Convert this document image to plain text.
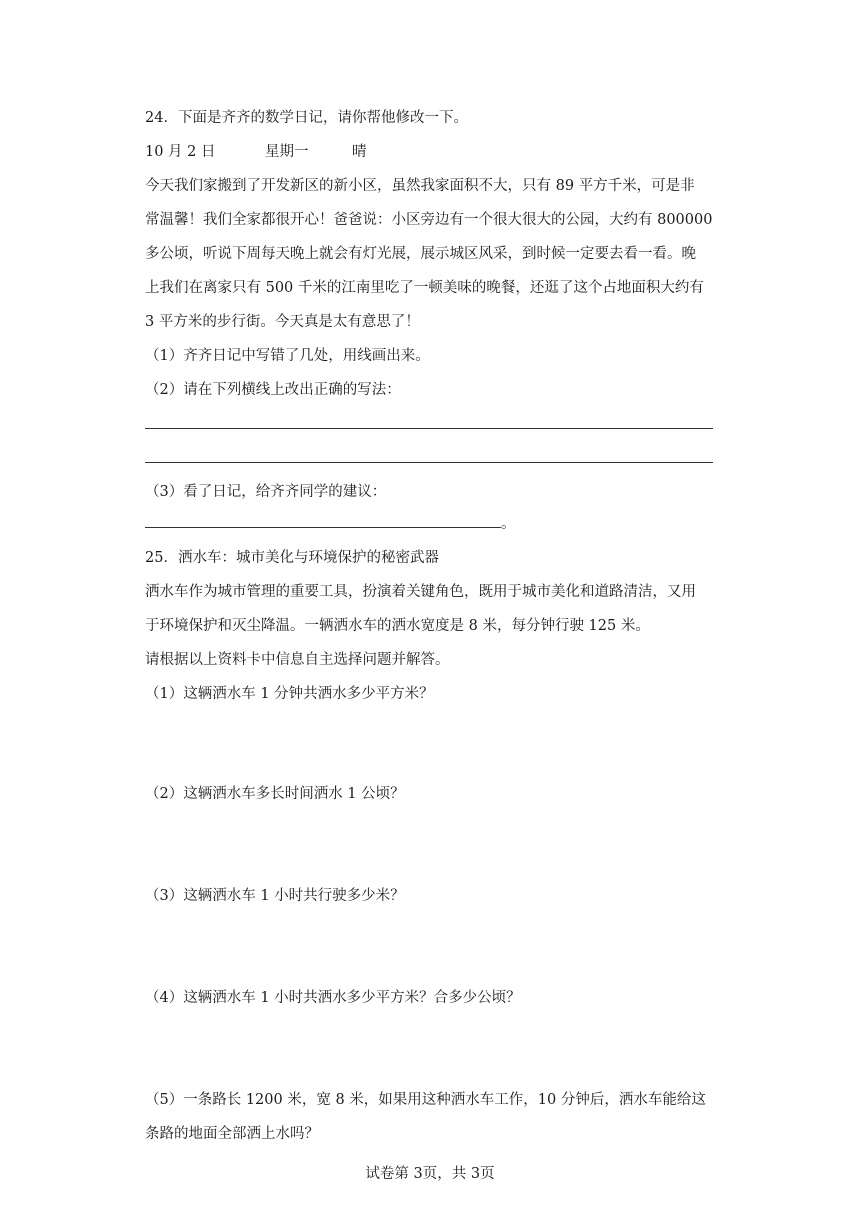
24．下面是齐齐的数学日记，请你帮他修改一下。
10 月 2 日	星期一	晴
今天我们家搬到了开发新区的新小区，虽然我家面积不大，只有 89 平方千米，可是非
常温馨！我们全家都很开心！爸爸说：小区旁边有一个很大很大的公园，大约有 800000
多公顷，听说下周每天晚上就会有灯光展，展示城区风采，到时候一定要去看一看。晚
上我们在离家只有 500 千米的江南里吃了一顿美味的晚餐，还逛了这个占地面积大约有
3 平方米的步行街。今天真是太有意思了！
（1）齐齐日记中写错了几处，用线画出来。
（2）请在下列横线上改出正确的写法：
（3）看了日记，给齐齐同学的建议：
。
25．洒水车：城市美化与环境保护的秘密武器
洒水车作为城市管理的重要工具，扮演着关键角色，既用于城市美化和道路清洁，又用
于环境保护和灭尘降温。一辆洒水车的洒水宽度是 8 米，每分钟行驶 125 米。
请根据以上资料卡中信息自主选择问题并解答。
（1）这辆洒水车 1 分钟共洒水多少平方米？
（2）这辆洒水车多长时间洒水 1 公顷？
（3）这辆洒水车 1 小时共行驶多少米？
（4）这辆洒水车 1 小时共洒水多少平方米？合多少公顷？
（5）一条路长 1200 米，宽 8 米，如果用这种洒水车工作，10 分钟后，洒水车能给这
条路的地面全部洒上水吗？
试卷第 3页，共 3页
